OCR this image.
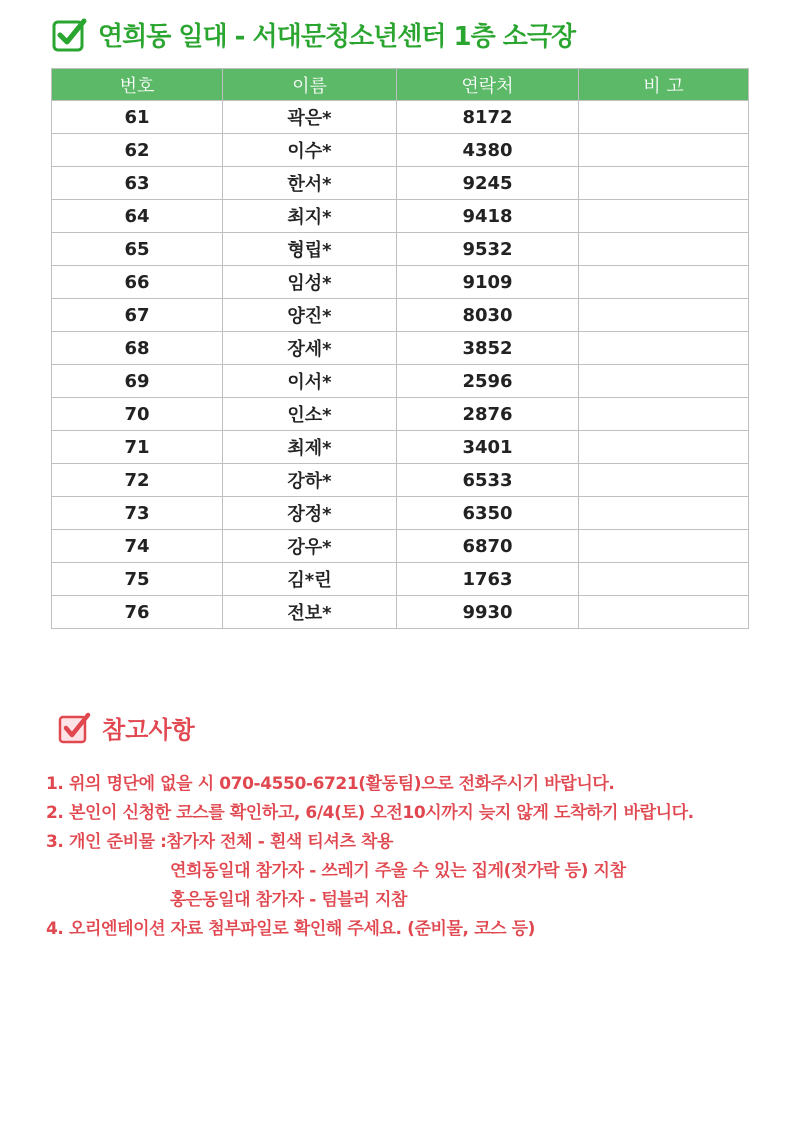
연희동 일대 - 서대문청소년센터 1층 소극장
번호	이름	연락처	비 고
61	곽은*	8172	
62	이수*	4380	
63	한서*	9245	
64	최지*	9418	
65	형립*	9532	
66	임성*	9109	
67	양진*	8030	
68	장세*	3852	
69	이서*	2596	
70	인소*	2876	
71	최제*	3401	
72	강하*	6533	
73	장정*	6350	
74	강우*	6870	
75	김*린	1763	
76	전보*	9930	
참고사항
1. 위의 명단에 없을 시 070-4550-6721(활동팀)으로 전화주시기 바랍니다.
2. 본인이 신청한 코스를 확인하고, 6/4(토) 오전10시까지 늦지 않게 도착하기 바랍니다.
3. 개인 준비물 :참가자 전체 - 흰색 티셔츠 착용
연희동일대 참가자 - 쓰레기 주울 수 있는 집게(젓가락 등) 지참
홍은동일대 참가자 - 텀블러 지참
4. 오리엔테이션 자료 첨부파일로 확인해 주세요. (준비물, 코스 등)
